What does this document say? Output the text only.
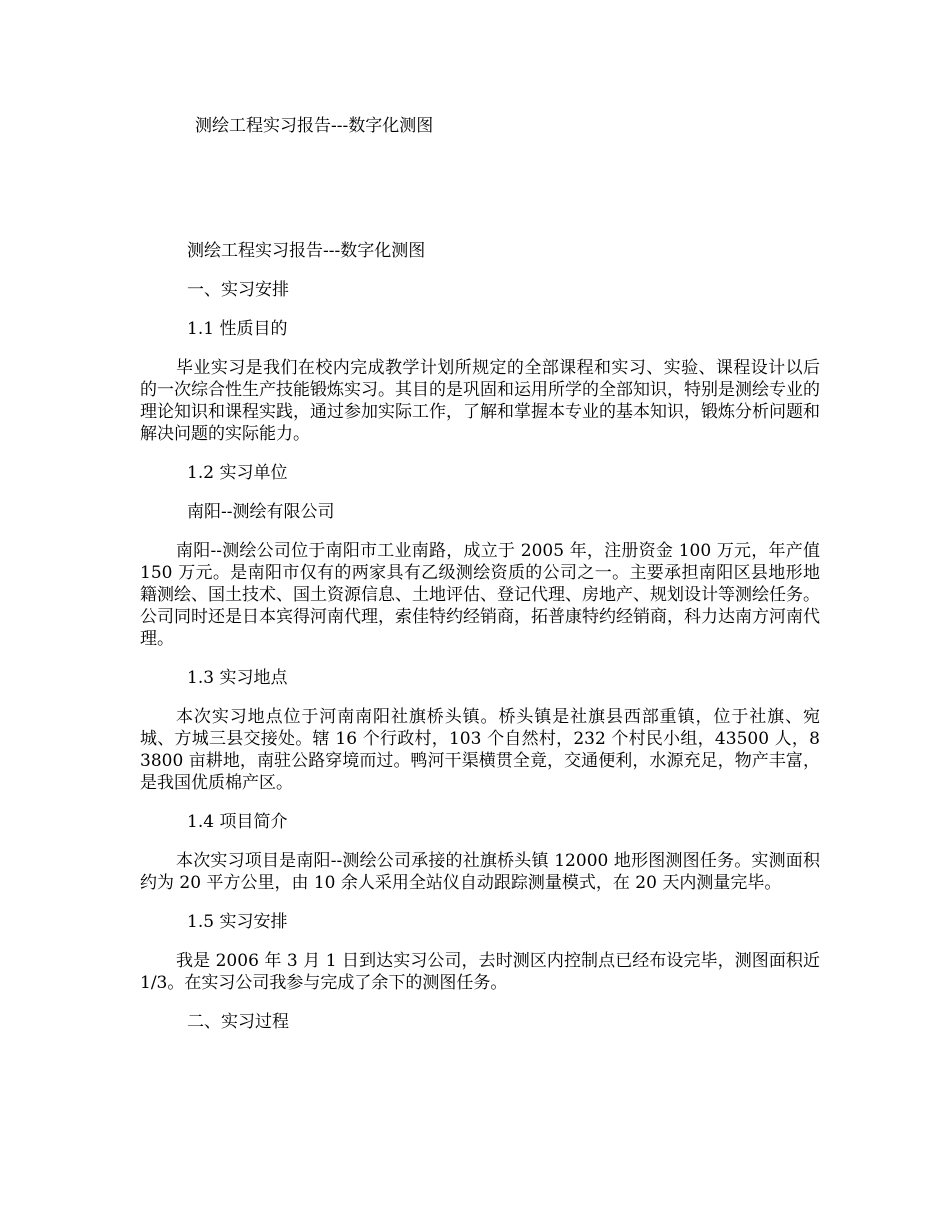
测绘工程实习报告---数字化测图

测绘工程实习报告---数字化测图

一、实习安排

1.1 性质目的

毕业实习是我们在校内完成教学计划所规定的全部课程和实习、实验、课程设计以后的一次综合性生产技能锻炼实习。其目的是巩固和运用所学的全部知识，特别是测绘专业的理论知识和课程实践，通过参加实际工作，了解和掌握本专业的基本知识，锻炼分析问题和解决问题的实际能力。

1.2 实习单位

南阳--测绘有限公司

南阳--测绘公司位于南阳市工业南路，成立于 2005 年，注册资金 100 万元，年产值 150 万元。是南阳市仅有的两家具有乙级测绘资质的公司之一。主要承担南阳区县地形地籍测绘、国土技术、国土资源信息、土地评估、登记代理、房地产、规划设计等测绘任务。公司同时还是日本宾得河南代理，索佳特约经销商，拓普康特约经销商，科力达南方河南代理。

1.3 实习地点

本次实习地点位于河南南阳社旗桥头镇。桥头镇是社旗县西部重镇，位于社旗、宛城、方城三县交接处。辖 16 个行政村，103 个自然村，232 个村民小组，43500 人，83800 亩耕地，南驻公路穿境而过。鸭河干渠横贯全竟，交通便利，水源充足，物产丰富，是我国优质棉产区。

1.4 项目简介

本次实习项目是南阳--测绘公司承接的社旗桥头镇 12000 地形图测图任务。实测面积约为 20 平方公里，由 10 余人采用全站仪自动跟踪测量模式，在 20 天内测量完毕。

1.5 实习安排

我是 2006 年 3 月 1 日到达实习公司，去时测区内控制点已经布设完毕，测图面积近 1/3。在实习公司我参与完成了余下的测图任务。

二、实习过程
